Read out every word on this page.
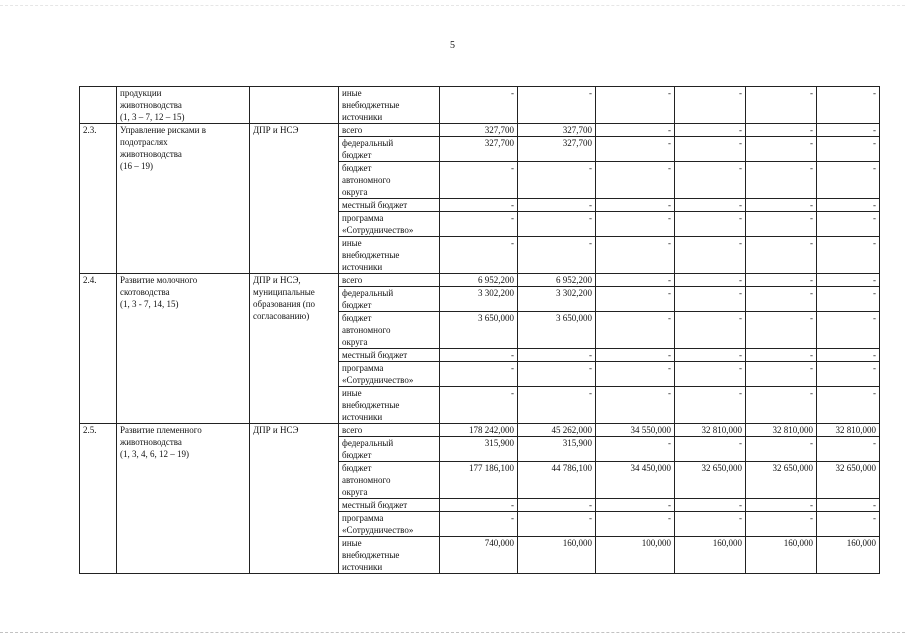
5
	продукции
животноводства
(1, 3 – 7, 12 – 15)		иные
внебюджетные
источники	-	-	-	-	-	-
2.3.	Управление рисками в
подотраслях
животноводства
(16 – 19)	ДПР и НСЭ	всего	327,700	327,700	-	-	-	-
			федеральный
бюджет	327,700	327,700	-	-	-	-
			бюджет
автономного
округа	-	-	-	-	-	-
			местный бюджет	-	-	-	-	-	-
			программа
«Сотрудничество»	-	-	-	-	-	-
			иные
внебюджетные
источники	-	-	-	-	-	-
2.4.	Развитие молочного
скотоводства
(1, 3 - 7, 14, 15)	ДПР и НСЭ,
муниципальные
образования (по
согласованию)	всего	6 952,200	6 952,200	-	-	-	-
			федеральный
бюджет	3 302,200	3 302,200	-	-	-	-
			бюджет
автономного
округа	3 650,000	3 650,000	-	-	-	-
			местный бюджет	-	-	-	-	-	-
			программа
«Сотрудничество»	-	-	-	-	-	-
			иные
внебюджетные
источники	-	-	-	-	-	-
2.5.	Развитие племенного
животноводства
(1, 3, 4, 6, 12 – 19)	ДПР и НСЭ	всего	178 242,000	45 262,000	34 550,000	32 810,000	32 810,000	32 810,000
			федеральный
бюджет	315,900	315,900	-	-	-	-
			бюджет
автономного
округа	177 186,100	44 786,100	34 450,000	32 650,000	32 650,000	32 650,000
			местный бюджет	-	-	-	-	-	-
			программа
«Сотрудничество»	-	-	-	-	-	-
			иные
внебюджетные
источники	740,000	160,000	100,000	160,000	160,000	160,000
